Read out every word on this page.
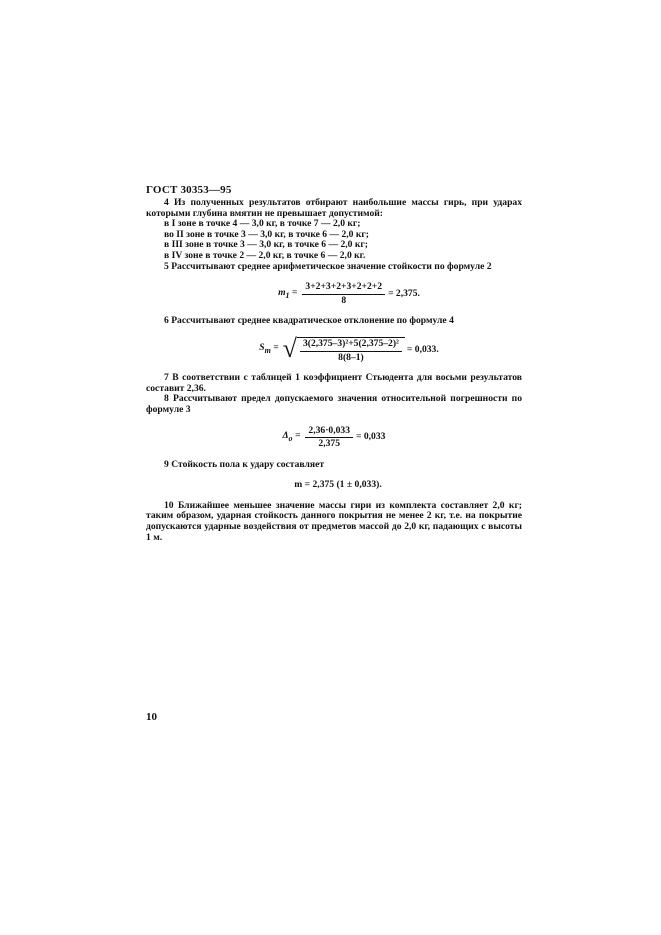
ГОСТ 30353—95

4 Из полученных результатов отбирают наибольшие массы гирь, при ударах которыми глубина вмятин не превышает допустимой:

в I зоне в точке 4 — 3,0 кг, в точке 7 — 2,0 кг;

во II зоне в точке 3 — 3,0 кг, в точке 6 — 2,0 кг;

в III зоне в точке 3 — 3,0 кг, в точке 6 — 2,0 кг;

в IV зоне в точке 2 — 2,0 кг, в точке 6 — 2,0 кг.

5 Рассчитывают среднее арифметическое значение стойкости по формуле 2

$m_1 = \frac{3+2+3+2+3+2+2+2}{8} = 2,375$.

6 Рассчитывают среднее квадратическое отклонение по формуле 4

$S_m$ = √ $\frac{\text{3(2,375–3)²+5(2,375–2)²}}{8(8-1)} = 0,033$.

7 В соответствии с таблицей 1 коэффициент Стьюдента для восьми результатов составит 2,36.

8 Рассчитывают предел допускаемого значения относительной погрешности по формуле 3

$\Delta_o = \frac{2,36\cdot 0,033}{2,375} = 0,033$

9 Стойкость пола к удару составляет

m = 2,375 (1 ± 0,033).

10 Ближайшее меньшее значение массы гири из комплекта составляет 2,0 кг; таким образом, ударная стойкость данного покрытия не менее 2 кг, т.е. на покрытие допускаются ударные воздействия от предметов массой до 2,0 кг, падающих с высоты 1 м.

10
